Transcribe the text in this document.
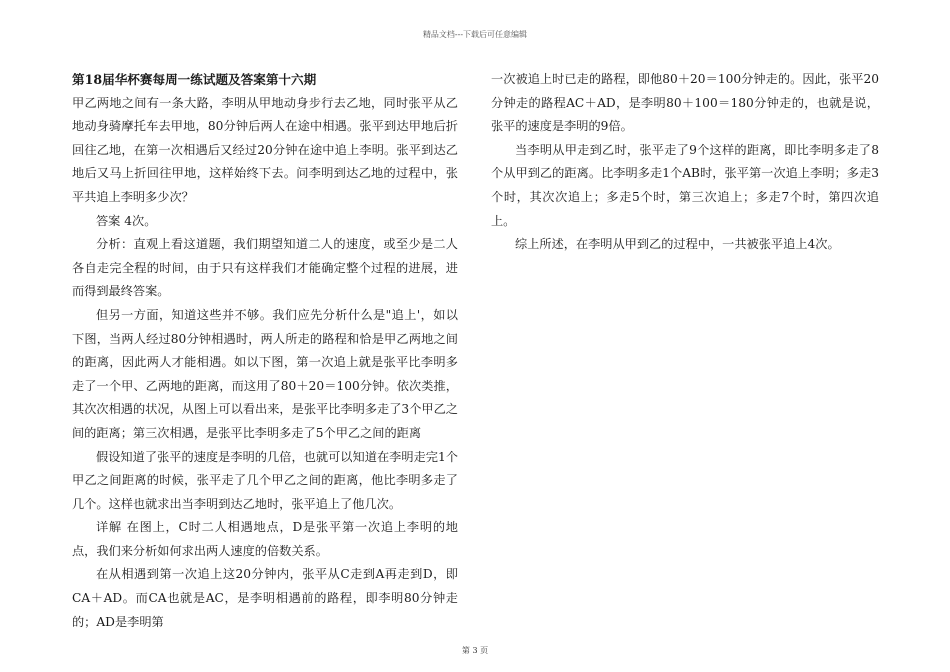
精品文档---下载后可任意编辑

第18届华杯赛每周一练试题及答案第十六期

甲乙两地之间有一条大路，李明从甲地动身步行去乙地，同时张平从乙地动身骑摩托车去甲地，80分钟后两人在途中相遇。张平到达甲地后折回往乙地，在第一次相遇后又经过20分钟在途中追上李明。张平到达乙地后又马上折回往甲地，这样始终下去。问李明到达乙地的过程中，张平共追上李明多少次？

答案 4次。

分析：直观上看这道题，我们期望知道二人的速度，或至少是二人各自走完全程的时间，由于只有这样我们才能确定整个过程的进展，进而得到最终答案。

但另一方面，知道这些并不够。我们应先分析什么是"追上'，如以下图，当两人经过80分钟相遇时，两人所走的路程和恰是甲乙两地之间的距离，因此两人才能相遇。如以下图，第一次追上就是张平比李明多走了一个甲、乙两地的距离，而这用了80＋20＝100分钟。依次类推，其次次相遇的状况，从图上可以看出来，是张平比李明多走了3个甲乙之间的距离；第三次相遇，是张平比李明多走了5个甲乙之间的距离

假设知道了张平的速度是李明的几倍，也就可以知道在李明走完1个甲乙之间距离的时候，张平走了几个甲乙之间的距离，他比李明多走了几个。这样也就求出当李明到达乙地时，张平追上了他几次。

详解 在图上，C时二人相遇地点，D是张平第一次追上李明的地点，我们来分析如何求出两人速度的倍数关系。

在从相遇到第一次追上这20分钟内，张平从C走到A再走到D，即CA＋AD。而CA也就是AC，是李明相遇前的路程，即李明80分钟走的；AD是李明第

一次被追上时已走的路程，即他80＋20＝100分钟走的。因此，张平20分钟走的路程AC＋AD，是李明80＋100＝180分钟走的，也就是说，张平的速度是李明的9倍。

当李明从甲走到乙时，张平走了9个这样的距离，即比李明多走了8个从甲到乙的距离。比李明多走1个AB时，张平第一次追上李明；多走3个时，其次次追上；多走5个时，第三次追上；多走7个时，第四次追上。

综上所述，在李明从甲到乙的过程中，一共被张平追上4次。

第 3 页
